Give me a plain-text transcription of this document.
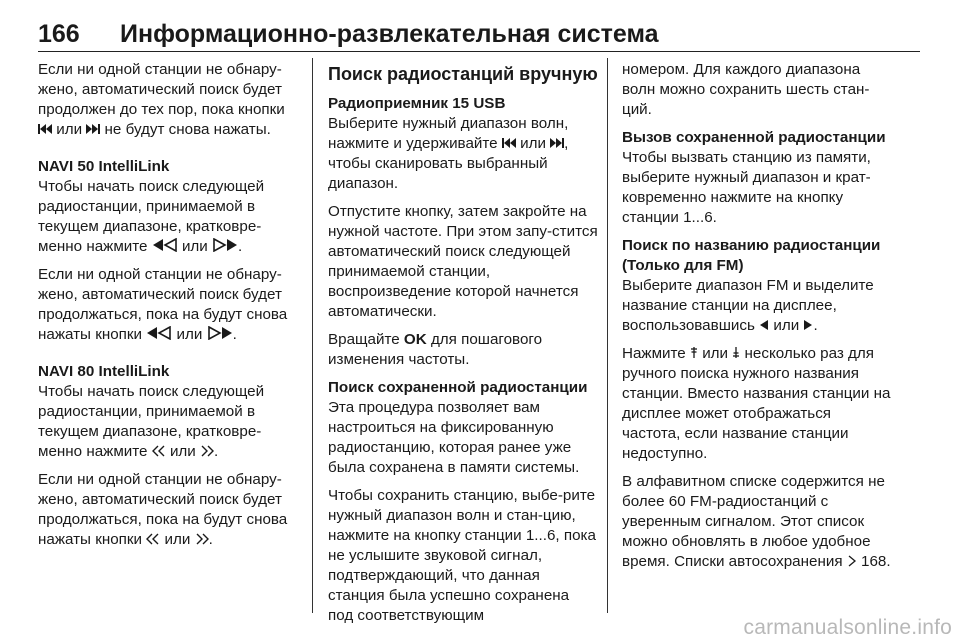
166 Информационно-развлекательная система

Если ни одной станции не обнару-жено, автоматический поиск будет продолжен до тех пор, пока кнопки  или не будут снова нажаты.

NAVI 50 IntelliLink

Чтобы начать поиск следующей радиостанции, принимаемой в текущем диапазоне, кратковре-менно нажмите или .

Если ни одной станции не обнару-жено, автоматический поиск будет продолжаться, пока на будут снова нажаты кнопки или .

NAVI 80 IntelliLink

Чтобы начать поиск следующей радиостанции, принимаемой в текущем диапазоне, кратковре-менно нажмите или .

Если ни одной станции не обнару-жено, автоматический поиск будет продолжаться, пока на будут снова нажаты кнопки или .

Поиск радиостанций вручную
Радиоприемник 15 USB

Выберите нужный диапазон волн, нажмите и удерживайте или , чтобы сканировать выбранный диапазон.

Отпустите кнопку, затем закройте на нужной частоте. При этом запу-стится автоматический поиск следующей принимаемой станции, воспроизведение которой начнется автоматически.

Вращайте OK для пошагового изменения частоты.

Поиск сохраненной радиостанции

Эта процедура позволяет вам настроиться на фиксированную радиостанцию, которая ранее уже была сохранена в памяти системы.

Чтобы сохранить станцию, выбе-рите нужный диапазон волн и стан-цию, нажмите на кнопку станции 1...6, пока не услышите звуковой сигнал, подтверждающий, что данная станция была успешно сохранена под соответствующим

номером. Для каждого диапазона волн можно сохранить шесть стан-ций.

Вызов сохраненной радиостанции

Чтобы вызвать станцию из памяти, выберите нужный диапазон и крат-ковременно нажмите на кнопку станции 1...6.

Поиск по названию радиостанции (Только для FM)

Выберите диапазон FM и выделите название станции на дисплее, воспользовавшись или .

Нажмите или несколько раз для ручного поиска нужного названия станции. Вместо названия станции на дисплее может отображаться частота, если название станции недоступно.

В алфавитном списке содержится не более 60 FM-радиостанций с уверенным сигналом. Этот список можно обновлять в любое удобное время. Списки автосохранения 168.

carmanualsonline.info
